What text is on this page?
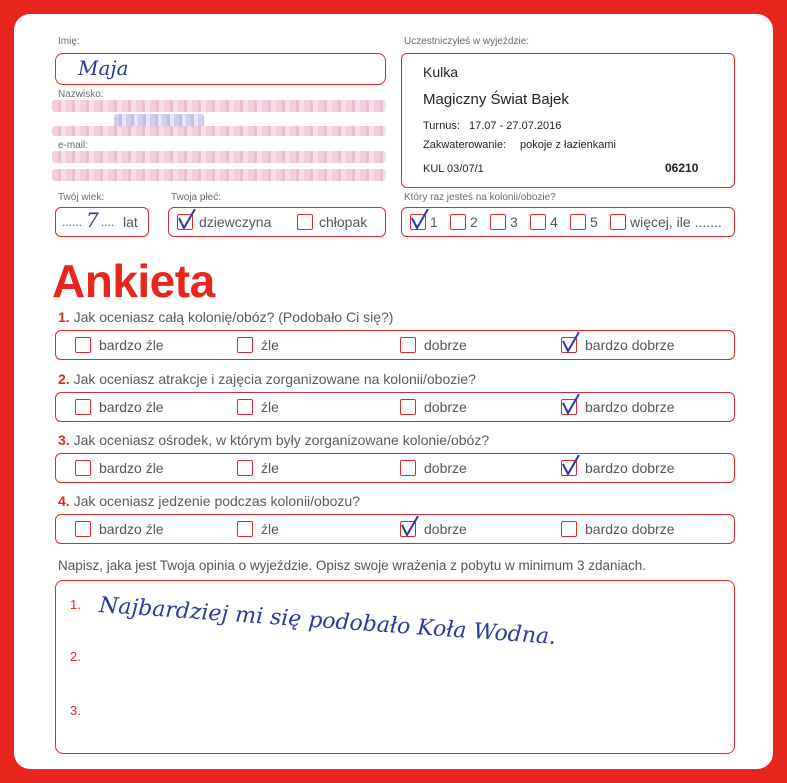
Imię:
Maja
Nazwisko:
e-mail:
Twój wiek:
...... 7 .... lat
Twoja płeć:
dziewczyna	chłopak
Uczestniczyłeś w wyjeździe:
Kulka
Magiczny Świat Bajek
Turnus: 17.07 - 27.07.2016
Zakwaterowanie: pokoje z łazienkami
KUL 03/07/1	06210
Który raz jesteś na kolonii/obozie?
1 2 3 4 5 więcej, ile .......
Ankieta
1. Jak oceniasz całą kolonię/obóz? (Podobało Ci się?)
bardzo źle	źle	dobrze	bardzo dobrze
2. Jak oceniasz atrakcje i zajęcia zorganizowane na kolonii/obozie?
bardzo źle	źle	dobrze	bardzo dobrze
3. Jak oceniasz ośrodek, w którym były zorganizowane kolonie/obóz?
bardzo źle	źle	dobrze	bardzo dobrze
4. Jak oceniasz jedzenie podczas kolonii/obozu?
bardzo źle	źle	dobrze	bardzo dobrze
Napisz, jaka jest Twoja opinia o wyjeździe. Opisz swoje wrażenia z pobytu w minimum 3 zdaniach.
1.
2.
3.
Najbardziej mi się podobało Koła Wodna.
